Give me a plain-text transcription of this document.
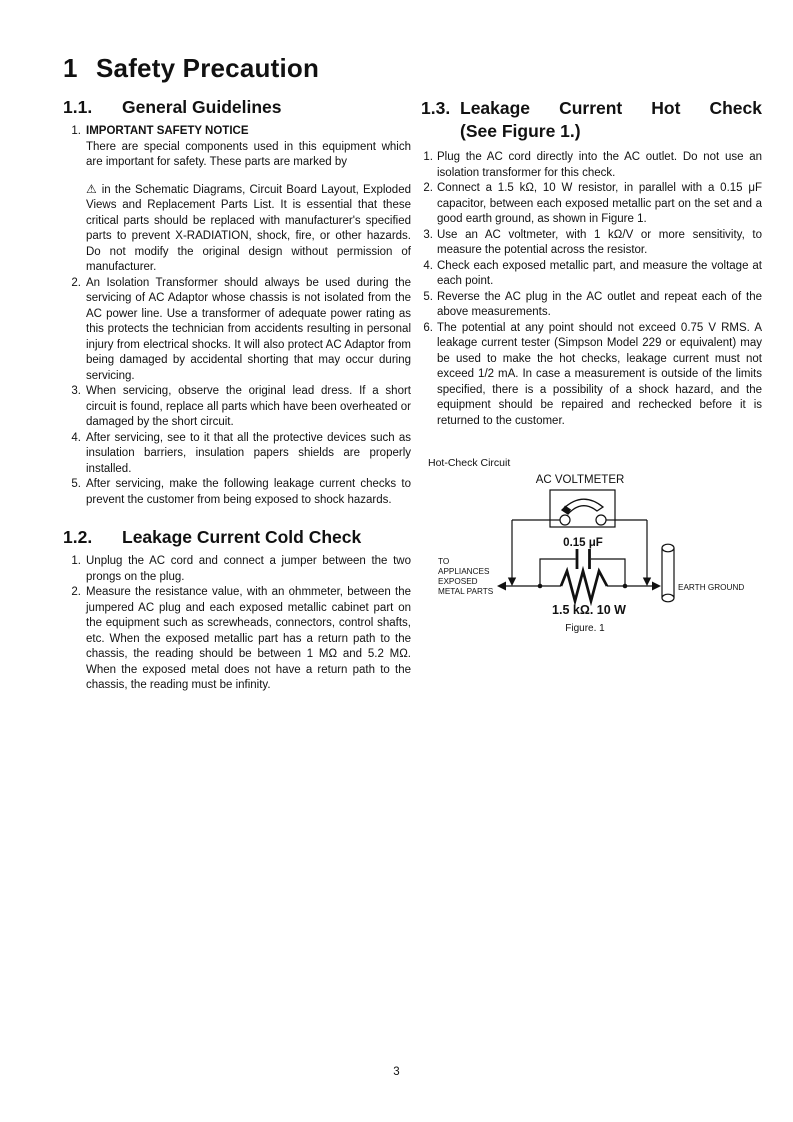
1 Safety Precaution
1.1.	General Guidelines
1. IMPORTANT SAFETY NOTICE
There are special components used in this equipment which are important for safety. These parts are marked by
⚠ in the Schematic Diagrams, Circuit Board Layout, Exploded Views and Replacement Parts List. It is essential that these critical parts should be replaced with manufacturer's specified parts to prevent X-RADIATION, shock, fire, or other hazards. Do not modify the original design without permission of manufacturer.
2. An Isolation Transformer should always be used during the servicing of AC Adaptor whose chassis is not isolated from the AC power line. Use a transformer of adequate power rating as this protects the technician from accidents resulting in personal injury from electrical shocks. It will also protect AC Adaptor from being damaged by accidental shorting that may occur during servicing.
3. When servicing, observe the original lead dress. If a short circuit is found, replace all parts which have been overheated or damaged by the short circuit.
4. After servicing, see to it that all the protective devices such as insulation barriers, insulation papers shields are properly installed.
5. After servicing, make the following leakage current checks to prevent the customer from being exposed to shock hazards.
1.2.	Leakage Current Cold Check
1. Unplug the AC cord and connect a jumper between the two prongs on the plug.
2. Measure the resistance value, with an ohmmeter, between the jumpered AC plug and each exposed metallic cabinet part on the equipment such as screwheads, connectors, control shafts, etc. When the exposed metallic part has a return path to the chassis, the reading should be between 1 MΩ and 5.2 MΩ. When the exposed metal does not have a return path to the chassis, the reading must be infinity.
1.3. Leakage Current Hot Check
(See Figure 1.)
1. Plug the AC cord directly into the AC outlet. Do not use an isolation transformer for this check.
2. Connect a 1.5 kΩ, 10 W resistor, in parallel with a 0.15 μF capacitor, between each exposed metallic part on the set and a good earth ground, as shown in Figure 1.
3. Use an AC voltmeter, with 1 kΩ/V or more sensitivity, to measure the potential across the resistor.
4. Check each exposed metallic part, and measure the voltage at each point.
5. Reverse the AC plug in the AC outlet and repeat each of the above measurements.
6. The potential at any point should not exceed 0.75 V RMS. A leakage current tester (Simpson Model 229 or equivalent) may be used to make the hot checks, leakage current must not exceed 1/2 mA. In case a measurement is outside of the limits specified, there is a possibility of a shock hazard, and the equipment should be repaired and rechecked before it is returned to the customer.
Hot-Check Circuit
AC VOLTMETER
0.15 μF
1.5 kΩ. 10 W
TO
APPLIANCES
EXPOSED
METAL PARTS	EARTH GROUND
Figure. 1
3
